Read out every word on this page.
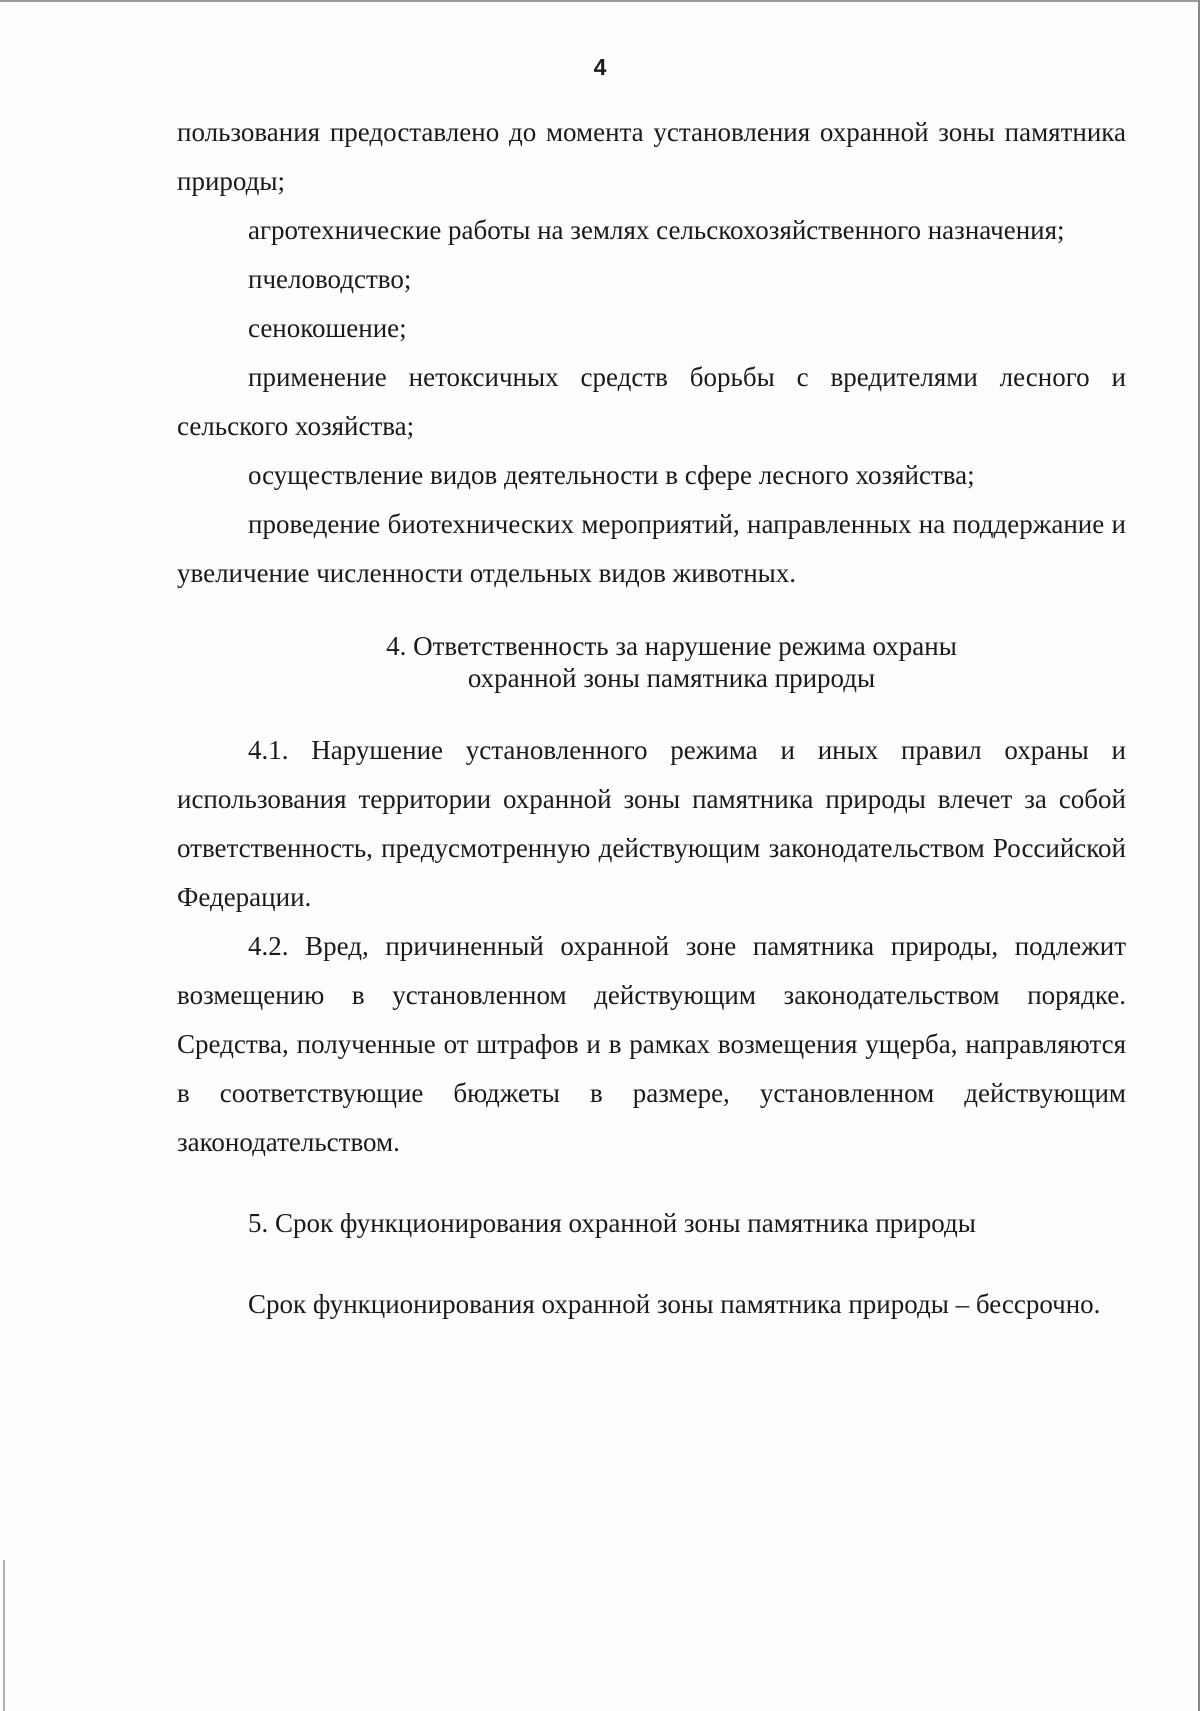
4

пользования предоставлено до момента установления охранной зоны памятника природы;

агротехнические работы на землях сельскохозяйственного назначения;

пчеловодство;

сенокошение;

применение нетоксичных средств борьбы с вредителями лесного и сельского хозяйства;

осуществление видов деятельности в сфере лесного хозяйства;

проведение биотехнических мероприятий, направленных на поддержание и увеличение численности отдельных видов животных.

4. Ответственность за нарушение режима охраны
охранной зоны памятника природы

4.1. Нарушение установленного режима и иных правил охраны и использования территории охранной зоны памятника природы влечет за собой ответственность, предусмотренную действующим законодательством Российской Федерации.

4.2. Вред, причиненный охранной зоне памятника природы, подлежит возмещению в установленном действующим законодательством порядке. Средства, полученные от штрафов и в рамках возмещения ущерба, направляются в соответствующие бюджеты в размере, установленном действующим законодательством.

5. Срок функционирования охранной зоны памятника природы

Срок функционирования охранной зоны памятника природы – бессрочно.
